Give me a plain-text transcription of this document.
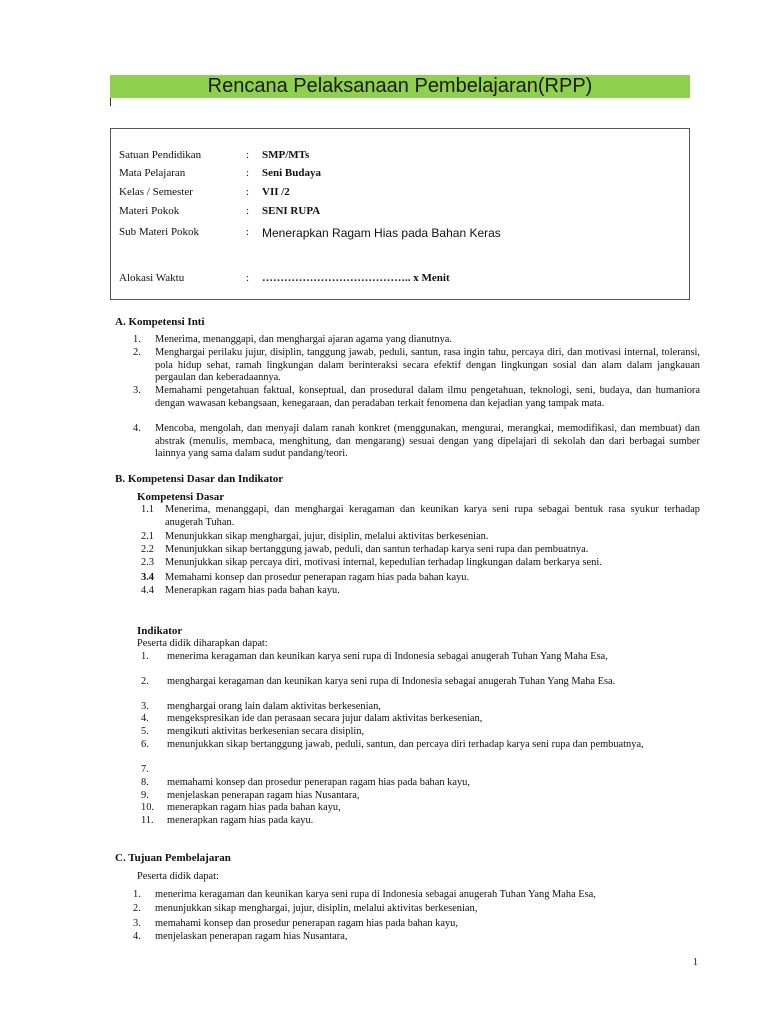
Rencana Pelaksanaan Pembelajaran(RPP)
Satuan Pendidikan	: SMP/MTs
Mata Pelajaran	: Seni Budaya
Kelas / Semester	: VII /2
Materi Pokok	: SENI RUPA
Sub Materi Pokok	: Menerapkan Ragam Hias pada Bahan Keras
Alokasi Waktu	: ………………………………….. x Menit
A. Kompetensi Inti
1. Menerima, menanggapi, dan menghargai ajaran agama yang dianutnya.
2. Menghargai perilaku jujur, disiplin, tanggung jawab, peduli, santun, rasa ingin tahu, percaya diri, dan motivasi internal, toleransi, pola hidup sehat, ramah lingkungan dalam berinteraksi secara efektif dengan lingkungan sosial dan alam dalam jangkauan pergaulan dan keberadaannya.
3. Memahami pengetahuan faktual, konseptual, dan prosedural dalam ilmu pengetahuan, teknologi, seni, budaya, dan humaniora dengan wawasan kebangsaan, kenegaraan, dan peradaban terkait fenomena dan kejadian yang tampak mata.
4. Mencoba, mengolah, dan menyaji dalam ranah konkret (menggunakan, mengurai, merangkai, memodifikasi, dan membuat) dan abstrak (menulis, membaca, menghitung, dan mengarang) sesuai dengan yang dipelajari di sekolah dan dari berbagai sumber lainnya yang sama dalam sudut pandang/teori.
B. Kompetensi Dasar dan Indikator
Kompetensi Dasar
1.1 Menerima, menanggapi, dan menghargai keragaman dan keunikan karya seni rupa sebagai bentuk rasa syukur terhadap anugerah Tuhan.
2.1 Menunjukkan sikap menghargai, jujur, disiplin, melalui aktivitas berkesenian.
2.2 Menunjukkan sikap bertanggung jawab, peduli, dan santun terhadap karya seni rupa dan pembuatnya.
2.3 Menunjukkan sikap percaya diri, motivasi internal, kepedulian terhadap lingkungan dalam berkarya seni.
3.4 Memahami konsep dan prosedur penerapan ragam hias pada bahan kayu.
4.4 Menerapkan ragam hias pada bahan kayu.
Indikator
Peserta didik diharapkan dapat:
1. menerima keragaman dan keunikan karya seni rupa di Indonesia sebagai anugerah Tuhan Yang Maha Esa,
2. menghargai keragaman dan keunikan karya seni rupa di Indonesia sebagai anugerah Tuhan Yang Maha Esa.
3. menghargai orang lain dalam aktivitas berkesenian,
4. mengekspresikan ide dan perasaan secara jujur dalam aktivitas berkesenian,
5. mengikuti aktivitas berkesenian secara disiplin,
6. menunjukkan sikap bertanggung jawab, peduli, santun, dan percaya diri terhadap karya seni rupa dan pembuatnya,
7.
8. memahami konsep dan prosedur penerapan ragam hias pada bahan kayu,
9. menjelaskan penerapan ragam hias Nusantara,
10. menerapkan ragam hias pada bahan kayu,
11. menerapkan ragam hias pada kayu.
C. Tujuan Pembelajaran
Peserta didik dapat:
1. menerima keragaman dan keunikan karya seni rupa di Indonesia sebagai anugerah Tuhan Yang Maha Esa,
2. menunjukkan sikap menghargai, jujur, disiplin, melalui aktivitas berkesenian,
3. memahami konsep dan prosedur penerapan ragam hias pada bahan kayu,
4. menjelaskan penerapan ragam hias Nusantara,
1
